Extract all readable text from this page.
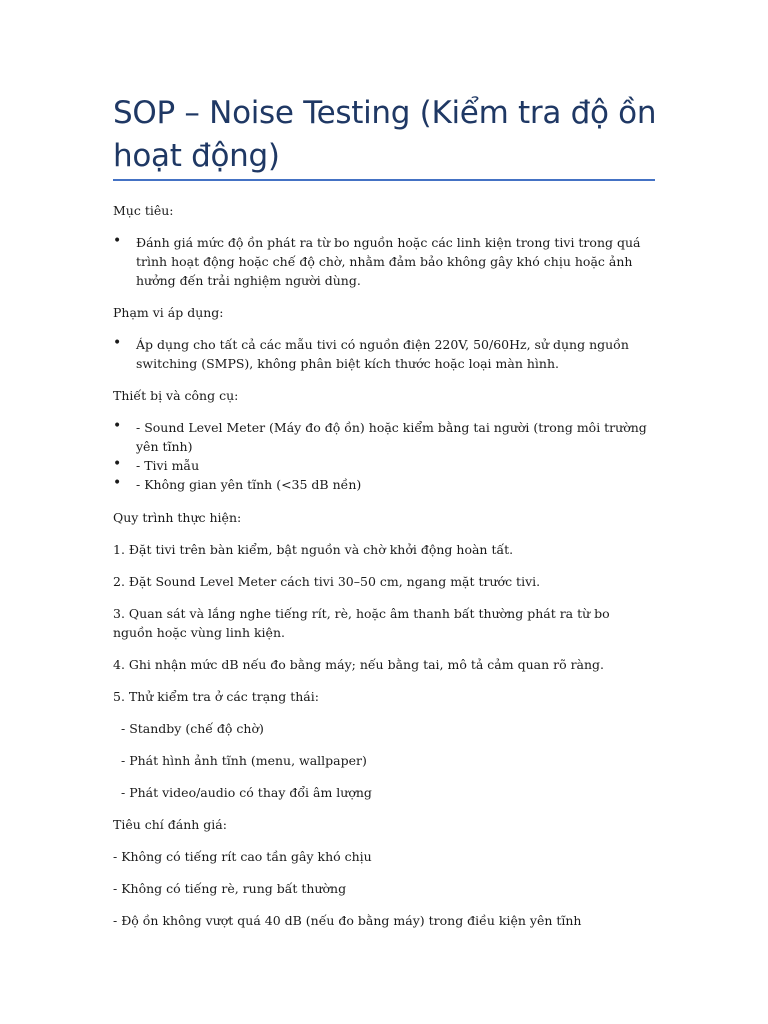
SOP – Noise Testing (Kiểm tra độ ồn hoạt động)

Mục tiêu:

• Đánh giá mức độ ồn phát ra từ bo nguồn hoặc các linh kiện trong tivi trong quá trình hoạt động hoặc chế độ chờ, nhằm đảm bảo không gây khó chịu hoặc ảnh hưởng đến trải nghiệm người dùng.

Phạm vi áp dụng:

• Áp dụng cho tất cả các mẫu tivi có nguồn điện 220V, 50/60Hz, sử dụng nguồn switching (SMPS), không phân biệt kích thước hoặc loại màn hình.

Thiết bị và công cụ:

• - Sound Level Meter (Máy đo độ ồn) hoặc kiểm bằng tai người (trong môi trường yên tĩnh)
• - Tivi mẫu
• - Không gian yên tĩnh (<35 dB nền)

Quy trình thực hiện:

1. Đặt tivi trên bàn kiểm, bật nguồn và chờ khởi động hoàn tất.

2. Đặt Sound Level Meter cách tivi 30–50 cm, ngang mặt trước tivi.

3. Quan sát và lắng nghe tiếng rít, rè, hoặc âm thanh bất thường phát ra từ bo nguồn hoặc vùng linh kiện.

4. Ghi nhận mức dB nếu đo bằng máy; nếu bằng tai, mô tả cảm quan rõ ràng.

5. Thử kiểm tra ở các trạng thái:

- Standby (chế độ chờ)

- Phát hình ảnh tĩnh (menu, wallpaper)

- Phát video/audio có thay đổi âm lượng

Tiêu chí đánh giá:

- Không có tiếng rít cao tần gây khó chịu

- Không có tiếng rè, rung bất thường

- Độ ồn không vượt quá 40 dB (nếu đo bằng máy) trong điều kiện yên tĩnh
